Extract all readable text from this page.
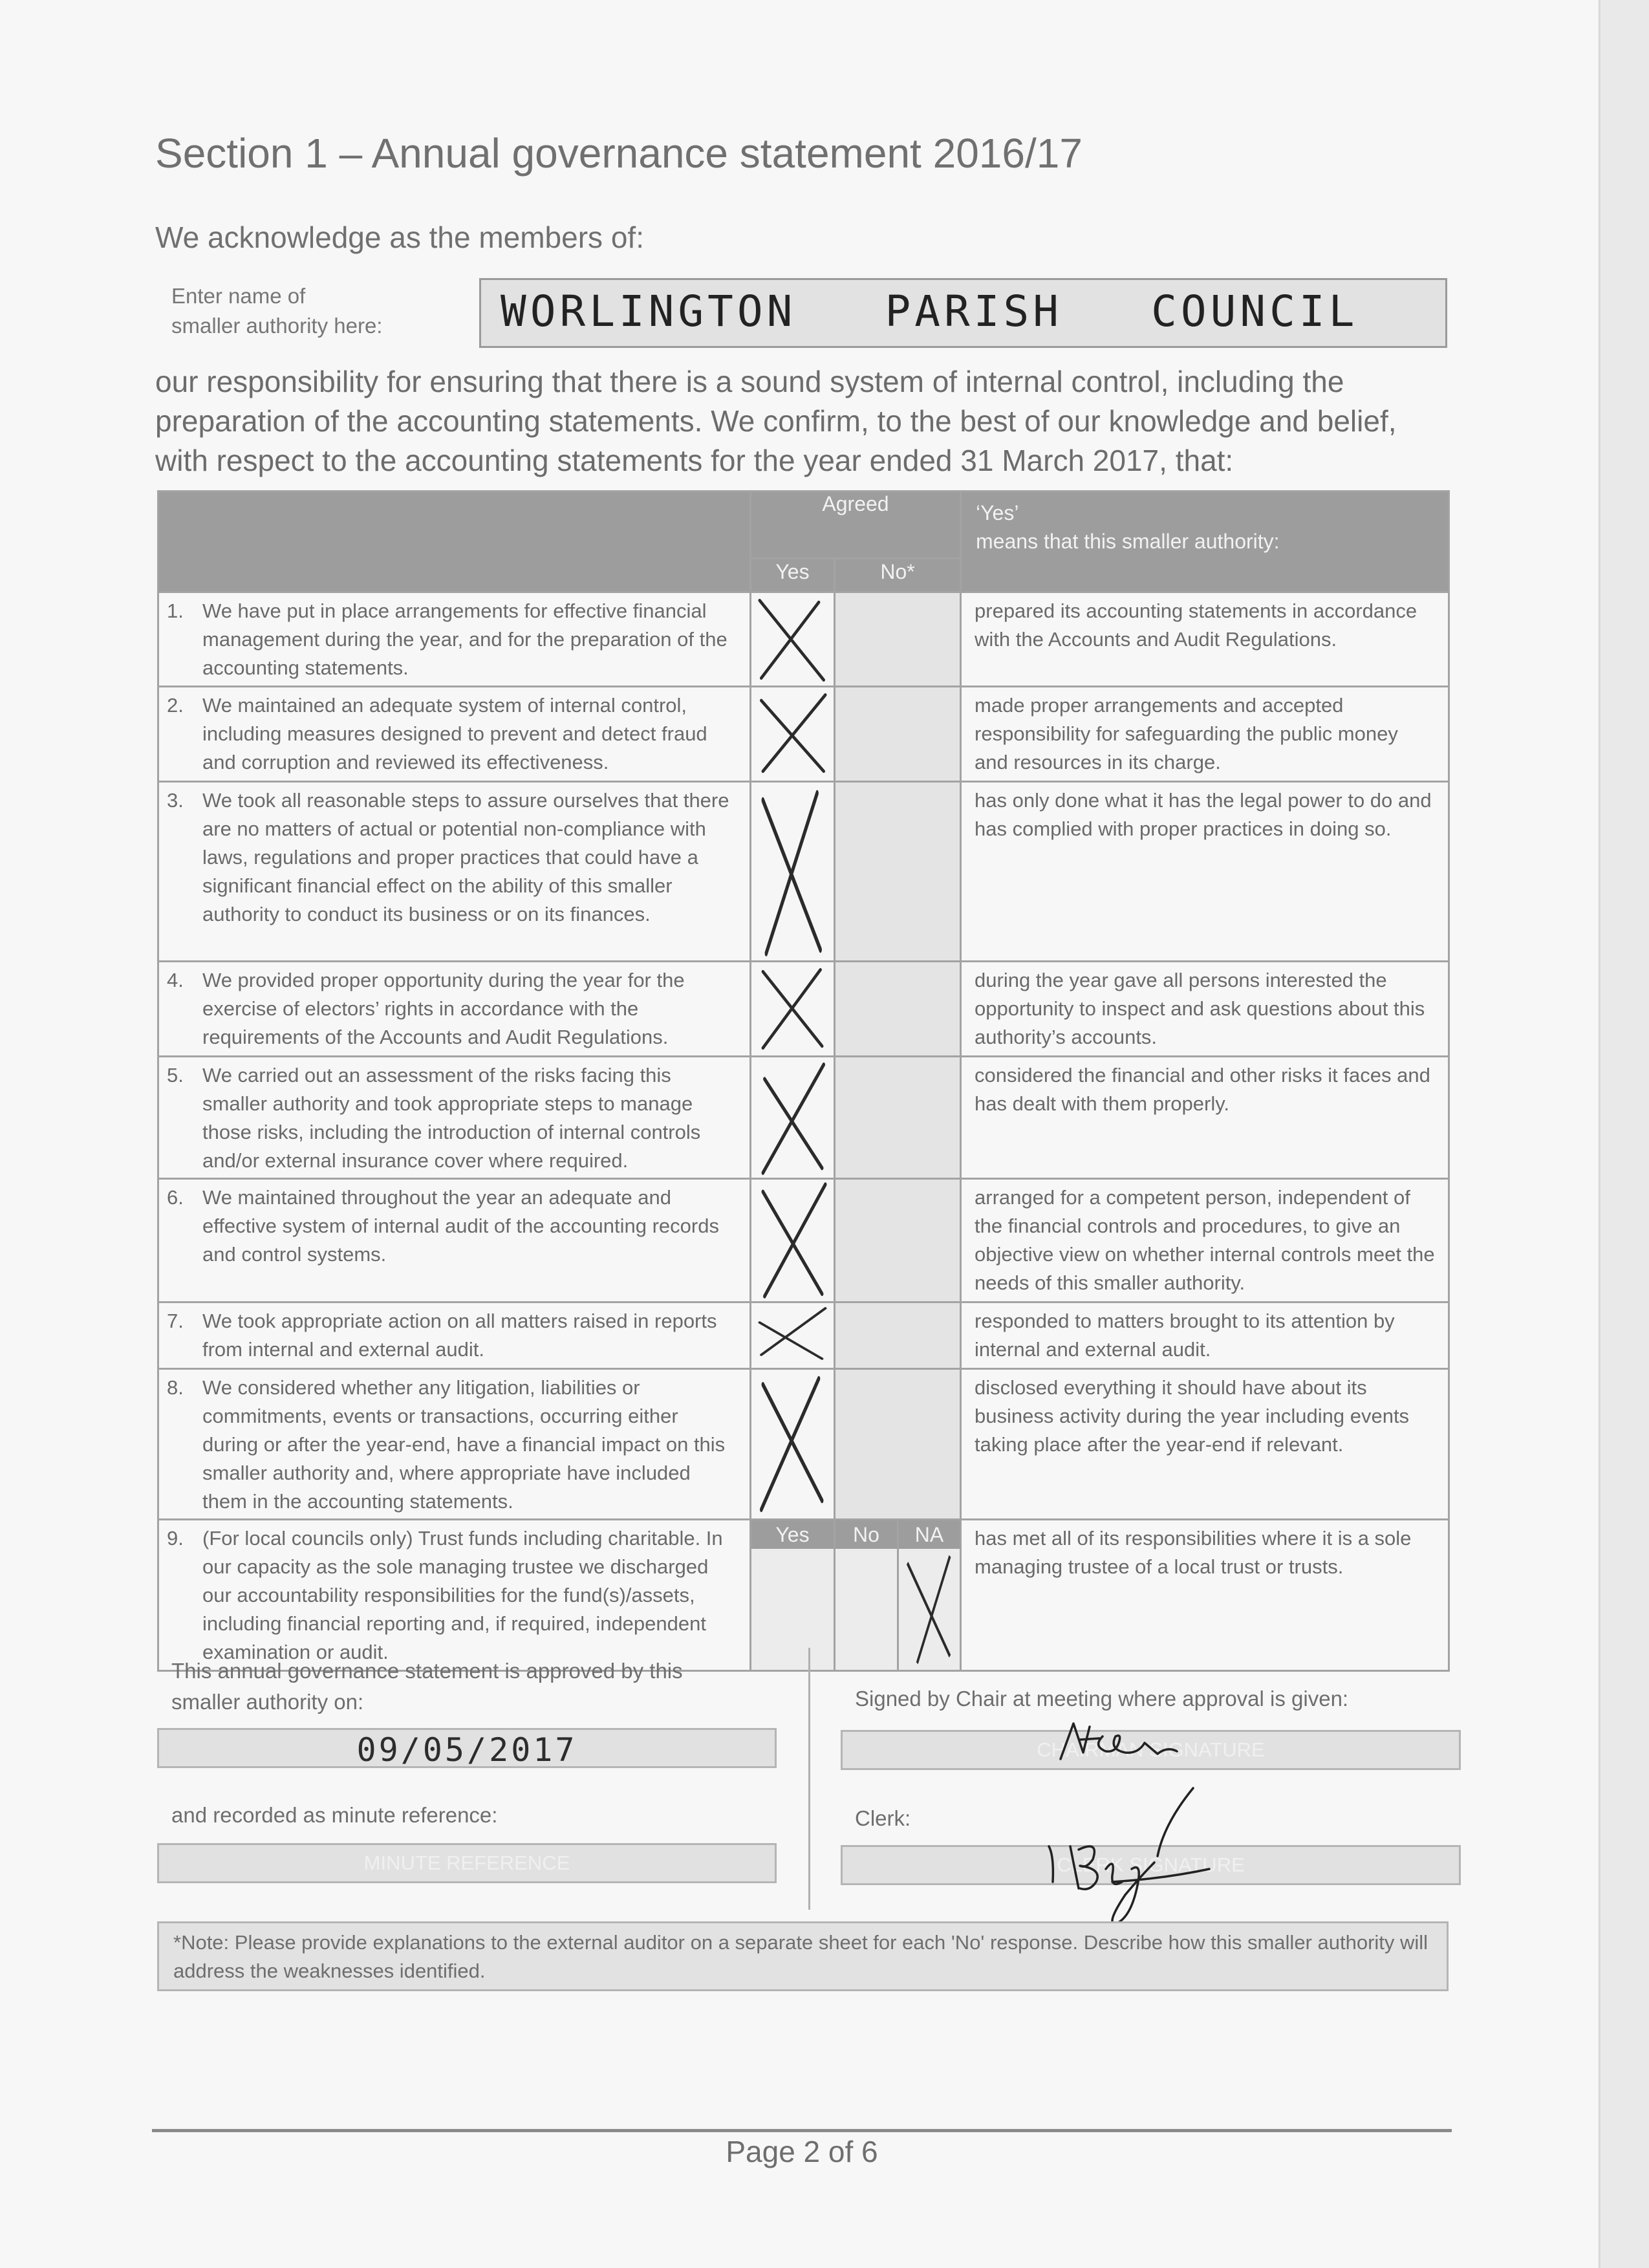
Section 1 – Annual governance statement 2016/17
We acknowledge as the members of:
Enter name of
smaller authority here:	WORLINGTON   PARISH   COUNCIL
our responsibility for ensuring that there is a sound system of internal control, including the preparation of the accounting statements. We confirm, to the best of our knowledge and belief, with respect to the accounting statements for the year ended 31 March 2017, that:
	Agreed			‘Yes’
means that this smaller authority:

	Yes	No*		
1. We have put in place arrangements for effective financial management during the year, and for the preparation of the accounting statements.				prepared its accounting statements in accordance with the Accounts and Audit Regulations.
2. We maintained an adequate system of internal control, including measures designed to prevent and detect fraud and corruption and reviewed its effectiveness.				made proper arrangements and accepted responsibility for safeguarding the public money and resources in its charge.
3. We took all reasonable steps to assure ourselves that there are no matters of actual or potential non-compliance with laws, regulations and proper practices that could have a significant financial effect on the ability of this smaller authority to conduct its business or on its finances.				has only done what it has the legal power to do and has complied with proper practices in doing so.
4. We provided proper opportunity during the year for the exercise of electors’ rights in accordance with the requirements of the Accounts and Audit Regulations.				during the year gave all persons interested the opportunity to inspect and ask questions about this authority’s accounts.
5. We carried out an assessment of the risks facing this smaller authority and took appropriate steps to manage those risks, including the introduction of internal controls and/or external insurance cover where required.				considered the financial and other risks it faces and has dealt with them properly.
6. We maintained throughout the year an adequate and effective system of internal audit of the accounting records and control systems.				arranged for a competent person, independent of the financial controls and procedures, to give an objective view on whether internal controls meet the needs of this smaller authority.
7. We took appropriate action on all matters raised in reports from internal and external audit.				responded to matters brought to its attention by internal and external audit.
8. We considered whether any litigation, liabilities or commitments, events or transactions, occurring either during or after the year-end, have a financial impact on this smaller authority and, where appropriate have included them in the accounting statements.				disclosed everything it should have about its business activity during the year including events taking place after the year-end if relevant.
9. (For local councils only) Trust funds including charitable. In our capacity as the sole managing trustee we discharged our accountability responsibilities for the fund(s)/assets, including financial reporting and, if required, independent examination or audit.	Yes	No	NA	has met all of its responsibilities where it is a sole managing trustee of a local trust or trusts.
This annual governance statement is approved by this smaller authority on:
09/05/2017
and recorded as minute reference:
MINUTE REFERENCE
Signed by Chair at meeting where approval is given:
CHAIRMAN SIGNATURE
Clerk:
CLERK SIGNATURE
*Note: Please provide explanations to the external auditor on a separate sheet for each 'No' response. Describe how this smaller authority will address the weaknesses identified.
Page 2 of 6
